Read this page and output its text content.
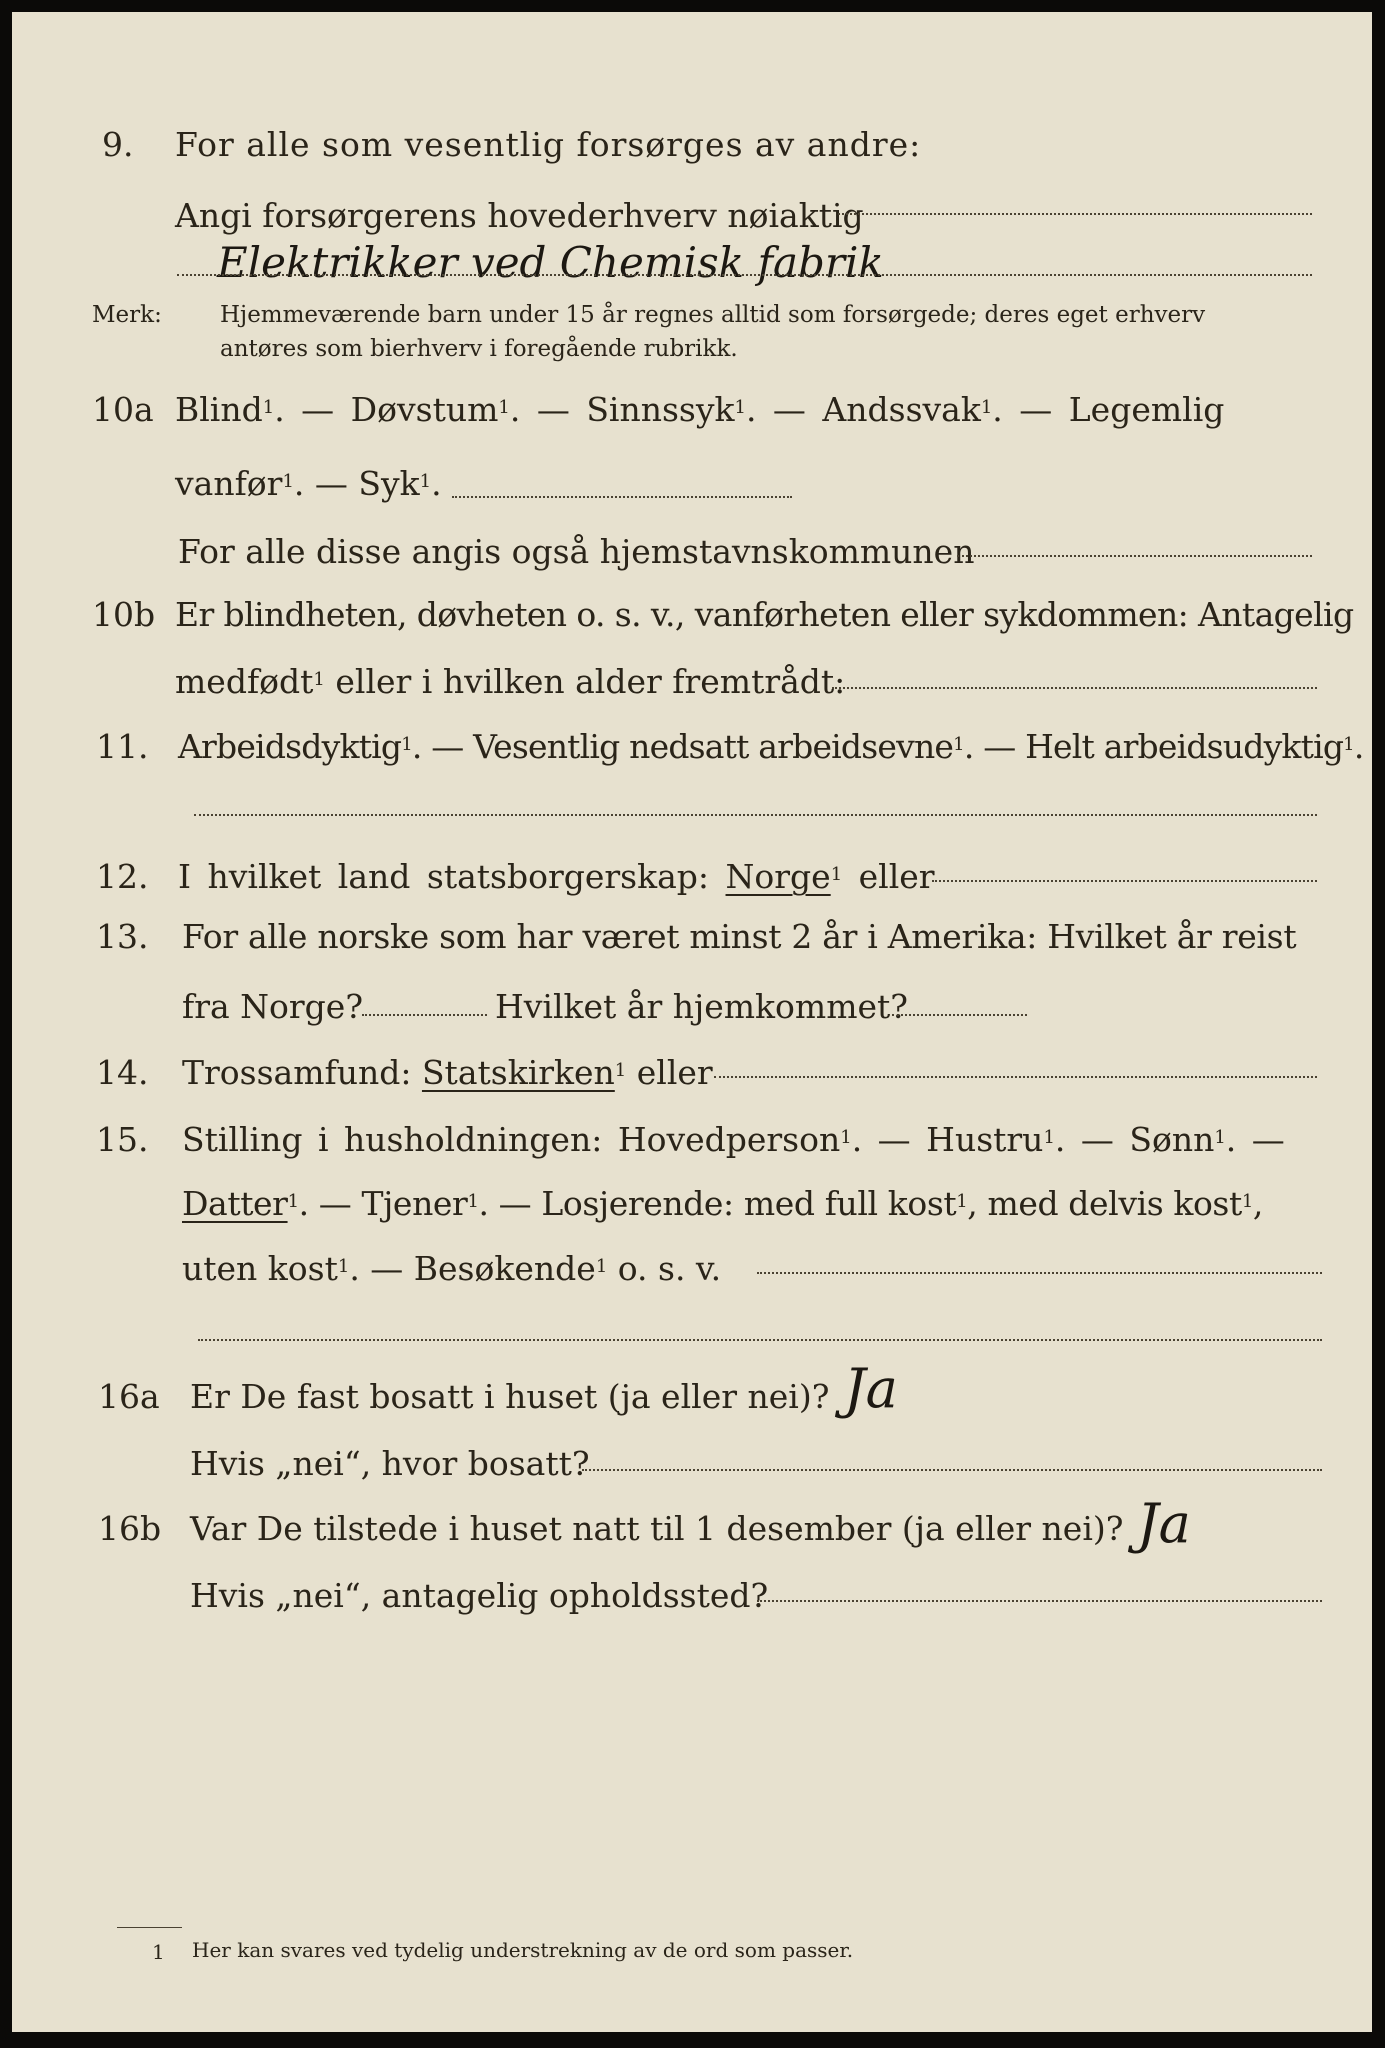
9. For alle som vesentlig forsørges av andre:
Angi forsørgerens hovederhverv nøiaktig
Elektrikker ved Chemisk fabrik
Merk:	Hjemmeværende barn under 15 år regnes alltid som forsørgede; deres eget erhverv
antøres som bierhverv i foregående rubrikk.
10a Blind$^1$. — Døvstum$^1$. — Sinnssyk$^1$. — Andssvak$^1$. — Legemlig
vanfør$^1$. — Syk$^1$.
For alle disse angis også hjemstavnskommunen
10b Er blindheten, døvheten o. s. v., vanførheten eller sykdommen: Antagelig
medfødt$^1$ eller i hvilken alder fremtrådt:
11. Arbeidsdyktig$^1$. — Vesentlig nedsatt arbeidsevne$^1$. — Helt arbeidsudyktig$^1$.
12. I hvilket land statsborgerskap: Norge$^1$ eller
13. For alle norske som har været minst 2 år i Amerika: Hvilket år reist
fra Norge?	Hvilket år hjemkommet?
14. Trossamfund: Statskirken$^1$ eller
15. Stilling i husholdningen: Hovedperson$^1$. — Hustru$^1$. — Sønn$^1$. —
Datter$^1$. — Tjener$^1$. — Losjerende: med full kost$^1$, med delvis kost$^1$,
uten kost$^1$. — Besøkende$^1$ o. s. v.
16a Er De fast bosatt i huset (ja eller nei)? Ja
Hvis „nei“, hvor bosatt?
16b Var De tilstede i huset natt til 1 desember (ja eller nei)? Ja
Hvis „nei“, antagelig opholdssted?
1 Her kan svares ved tydelig understrekning av de ord som passer.
